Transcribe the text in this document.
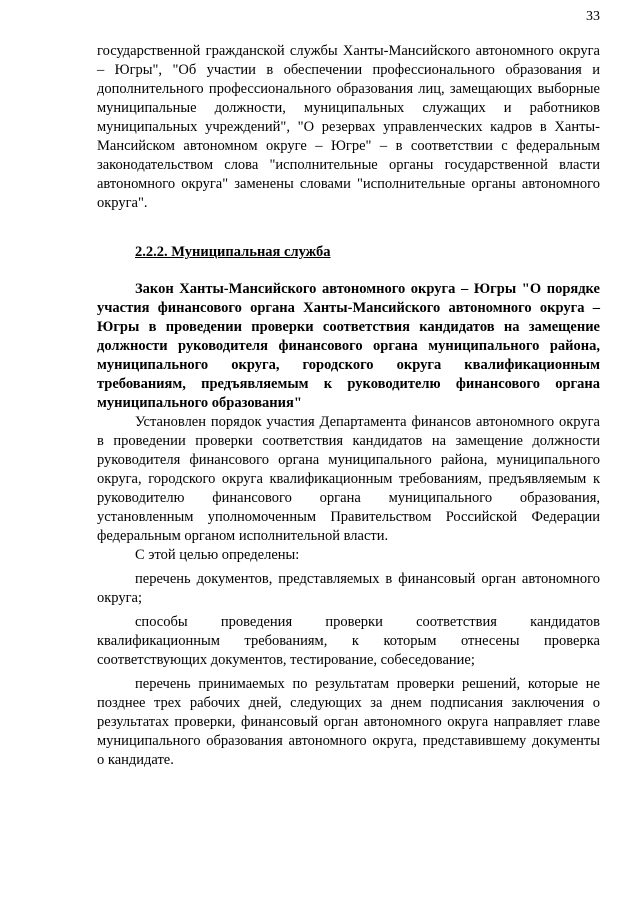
33

государственной гражданской службы Ханты-Мансийского автономного округа – Югры", "Об участии в обеспечении профессионального образования и дополнительного профессионального образования лиц, замещающих выборные муниципальные должности, муниципальных служащих и работников муниципальных учреждений", "О резервах управленческих кадров в Ханты-Мансийском автономном округе – Югре" – в соответствии с федеральным законодательством слова "исполнительные органы государственной власти автономного округа" заменены словами "исполнительные органы автономного округа".

2.2.2. Муниципальная служба

Закон Ханты-Мансийского автономного округа – Югры "О порядке участия финансового органа Ханты-Мансийского автономного округа – Югры в проведении проверки соответствия кандидатов на замещение должности руководителя финансового органа муниципального района, муниципального округа, городского округа квалификационным требованиям, предъявляемым к руководителю финансового органа муниципального образования"

Установлен порядок участия Департамента финансов автономного округа в проведении проверки соответствия кандидатов на замещение должности руководителя финансового органа муниципального района, муниципального округа, городского округа квалификационным требованиям, предъявляемым к руководителю финансового органа муниципального образования, установленным уполномоченным Правительством Российской Федерации федеральным органом исполнительной власти.

С этой целью определены:

перечень документов, представляемых в финансовый орган автономного округа;

способы проведения проверки соответствия кандидатов квалификационным требованиям, к которым отнесены проверка соответствующих документов, тестирование, собеседование;

перечень принимаемых по результатам проверки решений, которые не позднее трех рабочих дней, следующих за днем подписания заключения о результатах проверки, финансовый орган автономного округа направляет главе муниципального образования автономного округа, представившему документы о кандидате.
